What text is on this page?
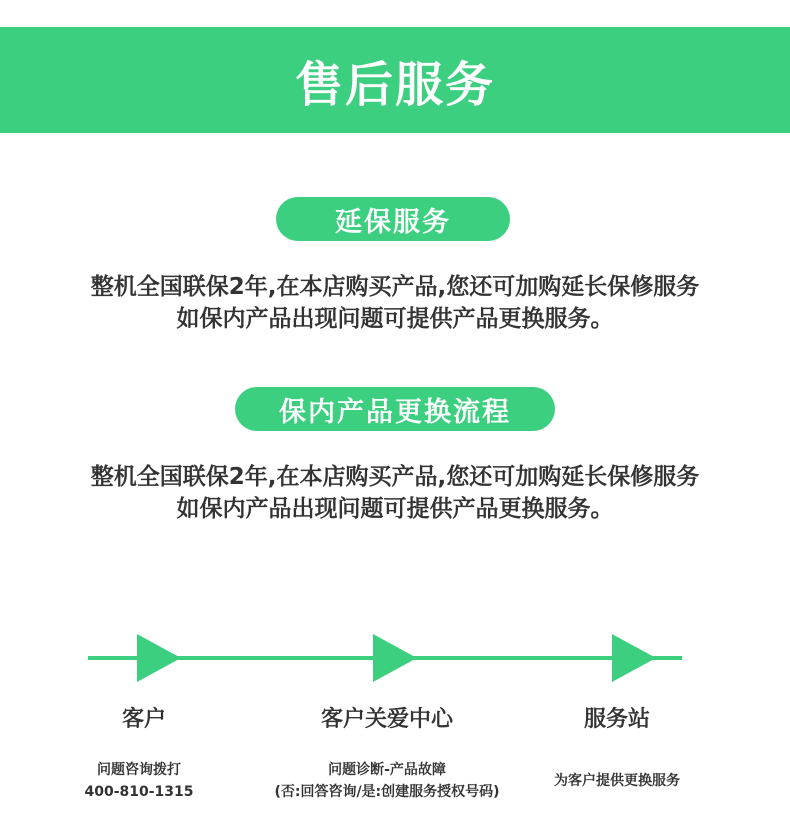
售后服务
延保服务
整机全国联保2年,在本店购买产品,您还可加购延长保修服务
如保内产品出现问题可提供产品更换服务。
保内产品更换流程
整机全国联保2年,在本店购买产品,您还可加购延长保修服务
如保内产品出现问题可提供产品更换服务。
客户	客户关爱中心	服务站
问题咨询拨打
400-810-1315
问题诊断-产品故障
(否:回答咨询/是:创建服务授权号码)
为客户提供更换服务
